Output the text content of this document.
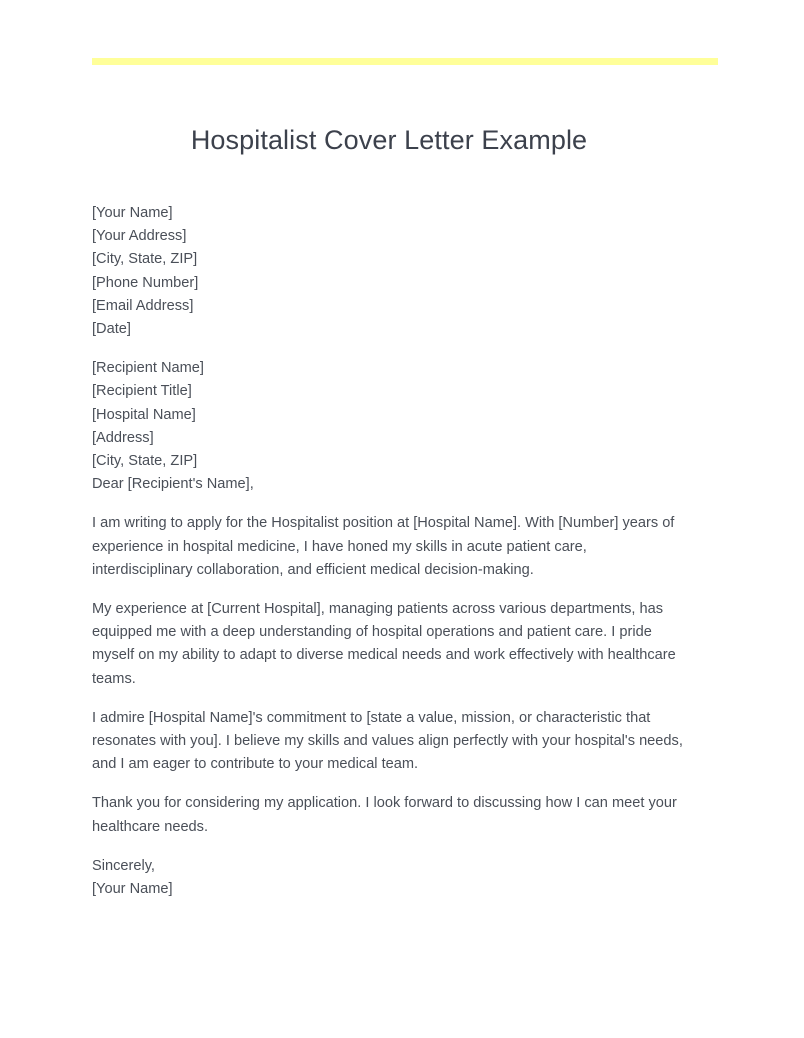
Hospitalist Cover Letter Example
[Your Name]
[Your Address]
[City, State, ZIP]
[Phone Number]
[Email Address]
[Date]
[Recipient Name]
[Recipient Title]
[Hospital Name]
[Address]
[City, State, ZIP]
Dear [Recipient's Name],

I am writing to apply for the Hospitalist position at [Hospital Name]. With [Number] years of experience in hospital medicine, I have honed my skills in acute patient care, interdisciplinary collaboration, and efficient medical decision-making.

My experience at [Current Hospital], managing patients across various departments, has equipped me with a deep understanding of hospital operations and patient care. I pride myself on my ability to adapt to diverse medical needs and work effectively with healthcare teams.

I admire [Hospital Name]'s commitment to [state a value, mission, or characteristic that resonates with you]. I believe my skills and values align perfectly with your hospital's needs, and I am eager to contribute to your medical team.

Thank you for considering my application. I look forward to discussing how I can meet your healthcare needs.

Sincerely,
[Your Name]
